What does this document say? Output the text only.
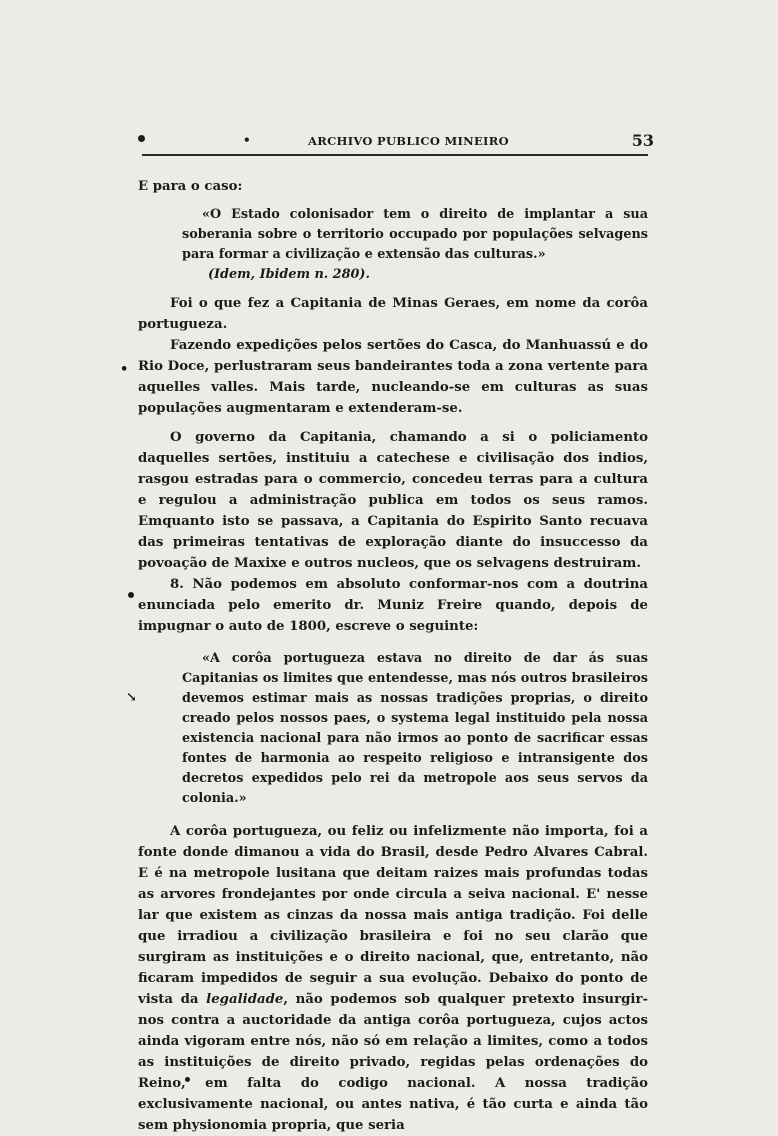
•	ARCHIVO PUBLICO MINEIRO	53
•
↘

E para o caso:

«O Estado colonisador tem o direito de implantar a sua soberania sobre o territorio occupado por populações selvagens para formar a civilização e extensão das culturas.»

(Idem, Ibidem n. 280).

Foi o que fez a Capitania de Minas Geraes, em nome da corôa portugueza.

Fazendo expedições pelos sertões do Casca, do Manhuassú e do Rio Doce, perlustraram seus bandeirantes toda a zona vertente para aquelles valles. Mais tarde, nucleando-se em culturas as suas populações augmentaram e extenderam-se.

O governo da Capitania, chamando a si o policiamento daquelles sertões, instituiu a catechese e civilisação dos indios, rasgou estradas para o commercio, concedeu terras para a cultura e regulou a administração publica em todos os seus ramos. Emquanto isto se passava, a Capitania do Espirito Santo recuava das primeiras tentativas de exploração diante do insuccesso da povoação de Maxixe e outros nucleos, que os selvagens destruiram.

8. Não podemos em absoluto conformar-nos com a doutrina enunciada pelo emerito dr. Muniz Freire quando, depois de impugnar o auto de 1800, escreve o seguinte:

«A corôa portugueza estava no direito de dar ás suas Capitanias os limites que entendesse, mas nós outros brasileiros devemos estimar mais as nossas tradições proprias, o direito creado pelos nossos paes, o systema legal instituido pela nossa existencia nacional para não irmos ao ponto de sacrificar essas fontes de harmonia ao respeito religioso e intransigente dos decretos expedidos pelo rei da metropole aos seus servos da colonia.»

A corôa portugueza, ou feliz ou infelizmente não importa, foi a fonte donde dimanou a vida do Brasil, desde Pedro Alvares Cabral. E é na metropole lusitana que deitam raizes mais profundas todas as arvores frondejantes por onde circula a seiva nacional. E' nesse lar que existem as cinzas da nossa mais antiga tradição. Foi delle que irradiou a civilização brasileira e foi no seu clarão que surgiram as instituições e o direito nacional, que, entretanto, não ficaram impedidos de seguir a sua evolução. Debaixo do ponto de vista da legalidade, não podemos sob qualquer pretexto insurgir-nos contra a auctoridade da antiga corôa portugueza, cujos actos ainda vigoram entre nós, não só em relação a limites, como a todos as instituições de direito privado, regidas pelas ordenações do Reino, em falta do codigo nacional. A nossa tradição exclusivamente nacional, ou antes nativa, é tão curta e ainda tão sem physionomia propria, que seria
